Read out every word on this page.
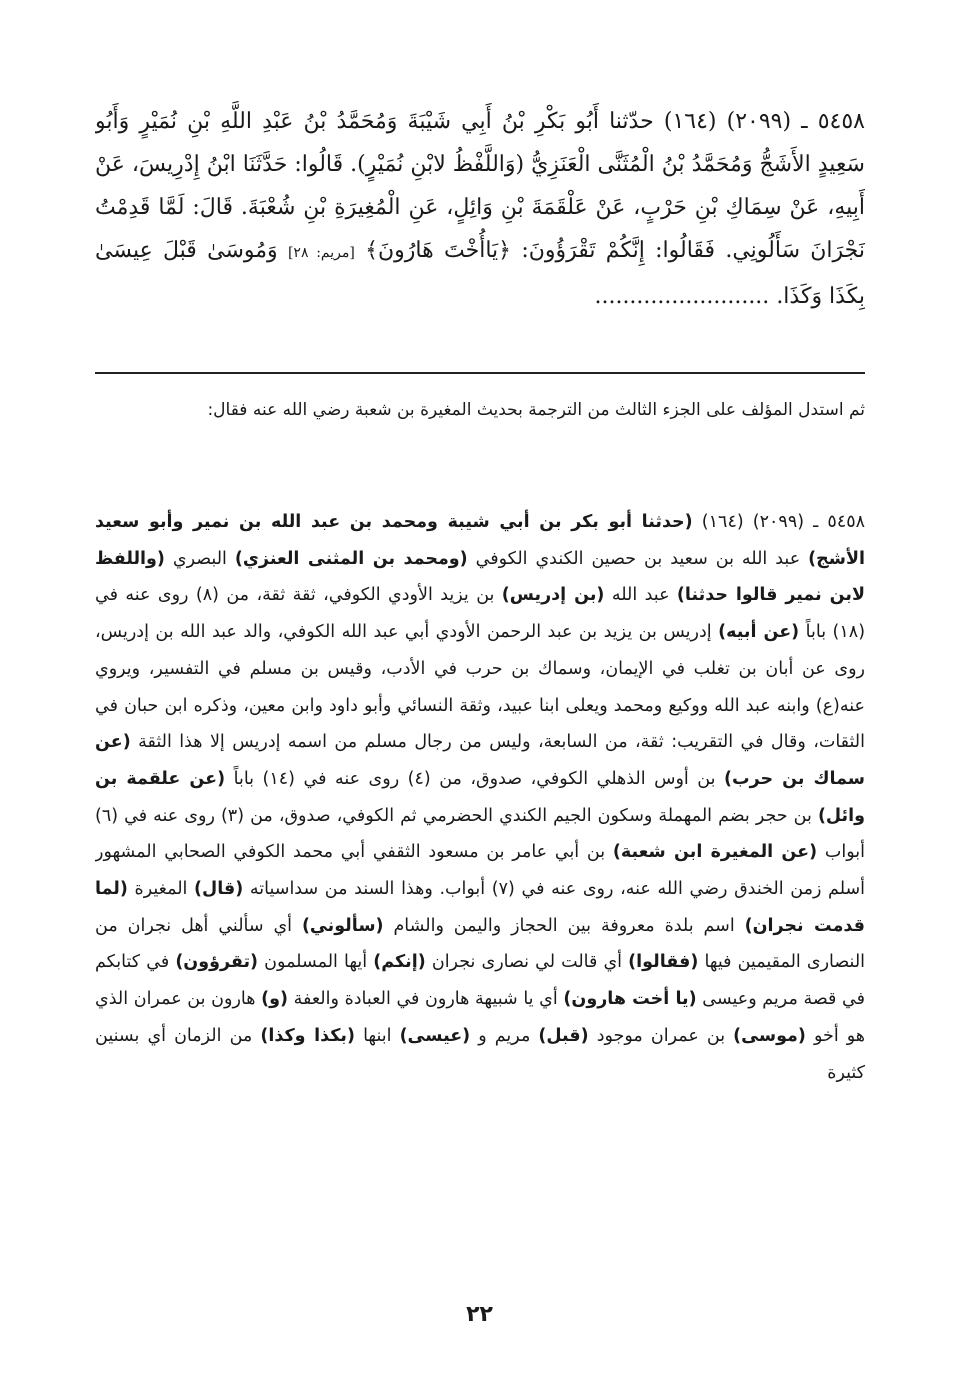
٥٤٥٨ ـ (٢٠٩٩) (١٦٤) حدّثنا أَبُو بَكْرِ بْنُ أَبِي شَيْبَةَ وَمُحَمَّدُ بْنُ عَبْدِ اللَّهِ بْنِ نُمَيْرٍ وَأَبُو سَعِيدٍ الأَشَجُّ وَمُحَمَّدُ بْنُ الْمُثَنَّى الْعَنَزِيُّ (وَاللَّفْظُ لابْنِ نُمَيْرٍ). قَالُوا: حَدَّثَنَا ابْنُ إِدْرِيسَ، عَنْ أَبِيهِ، عَنْ سِمَاكِ بْنِ حَرْبٍ، عَنْ عَلْقَمَةَ بْنِ وَائِلٍ، عَنِ الْمُغِيرَةِ بْنِ شُعْبَةَ. قَالَ: لَمَّا قَدِمْتُ نَجْرَانَ سَأَلُونِي. فَقَالُوا: إِنَّكُمْ تَقْرَؤُونَ: ﴿يَاأُخْتَ هَارُونَ﴾ [مريم: ٢٨] وَمُوسَىٰ قَبْلَ عِيسَىٰ بِكَذَا وَكَذَا. .........................

ثم استدل المؤلف على الجزء الثالث من الترجمة بحديث المغيرة بن شعبة رضي الله عنه فقال:

٥٤٥٨ ـ (٢٠٩٩) (١٦٤) (حدثنا أبو بكر بن أبي شيبة ومحمد بن عبد الله بن نمير وأبو سعيد الأشج) عبد الله بن سعيد بن حصين الكندي الكوفي (ومحمد بن المثنى العنزي) البصري (واللفظ لابن نمير قالوا حدثنا) عبد الله (بن إدريس) بن يزيد الأودي الكوفي، ثقة ثقة، من (٨) روى عنه في (١٨) باباً (عن أبيه) إدريس بن يزيد بن عبد الرحمن الأودي أبي عبد الله الكوفي، والد عبد الله بن إدريس، روى عن أبان بن تغلب في الإيمان، وسماك بن حرب في الأدب، وقيس بن مسلم في التفسير، ويروي عنه(ع) وابنه عبد الله ووكيع ومحمد ويعلى ابنا عبيد، وثقة النسائي وأبو داود وابن معين، وذكره ابن حبان في الثقات، وقال في التقريب: ثقة، من السابعة، وليس من رجال مسلم من اسمه إدريس إلا هذا الثقة (عن سماك بن حرب) بن أوس الذهلي الكوفي، صدوق، من (٤) روى عنه في (١٤) باباً (عن علقمة بن وائل) بن حجر بضم المهملة وسكون الجيم الكندي الحضرمي ثم الكوفي، صدوق، من (٣) روى عنه في (٦) أبواب (عن المغيرة ابن شعبة) بن أبي عامر بن مسعود الثقفي أبي محمد الكوفي الصحابي المشهور أسلم زمن الخندق رضي الله عنه، روى عنه في (٧) أبواب. وهذا السند من سداسياته (قال) المغيرة (لما قدمت نجران) اسم بلدة معروفة بين الحجاز واليمن والشام (سألوني) أي سألني أهل نجران من النصارى المقيمين فيها (فقالوا) أي قالت لي نصارى نجران (إنكم) أيها المسلمون (تقرؤون) في كتابكم في قصة مريم وعيسى (يا أخت هارون) أي يا شبيهة هارون في العبادة والعفة (و) هارون بن عمران الذي هو أخو (موسى) بن عمران موجود (قبل) مريم و (عيسى) ابنها (بكذا وكذا) من الزمان أي بسنين كثيرة

٢٢
